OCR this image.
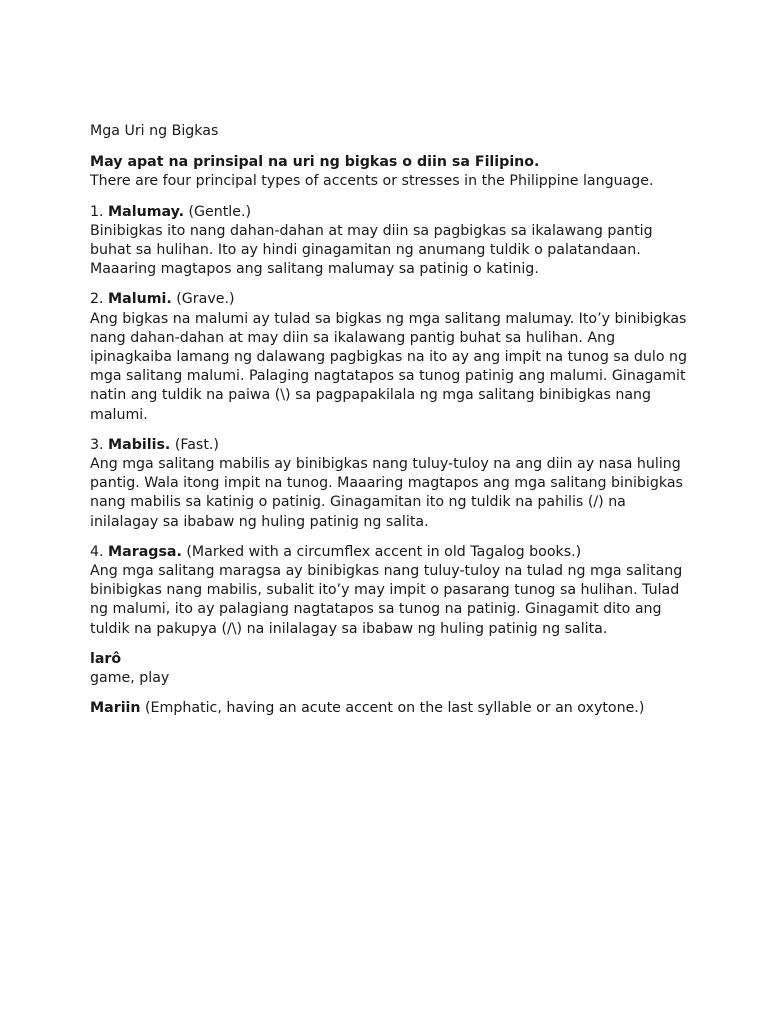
Mga Uri ng Bigkas

May apat na prinsipal na uri ng bigkas o diin sa Filipino.

There are four principal types of accents or stresses in the Philippine language.

1. Malumay. (Gentle.)

Binibigkas ito nang dahan-dahan at may diin sa pagbigkas sa ikalawang pantig buhat sa hulihan. Ito ay hindi ginagamitan ng anumang tuldik o palatandaan. Maaaring magtapos ang salitang malumay sa patinig o katinig.

2. Malumi. (Grave.)

Ang bigkas na malumi ay tulad sa bigkas ng mga salitang malumay. Ito’y binibigkas nang dahan-dahan at may diin sa ikalawang pantig buhat sa hulihan. Ang ipinagkaiba lamang ng dalawang pagbigkas na ito ay ang impit na tunog sa dulo ng mga salitang malumi. Palaging nagtatapos sa tunog patinig ang malumi. Ginagamit natin ang tuldik na paiwa (\) sa pagpapakilala ng mga salitang binibigkas nang malumi.

3. Mabilis. (Fast.)

Ang mga salitang mabilis ay binibigkas nang tuluy-tuloy na ang diin ay nasa huling pantig. Wala itong impit na tunog. Maaaring magtapos ang mga salitang binibigkas nang mabilis sa katinig o patinig. Ginagamitan ito ng tuldik na pahilis (/) na inilalagay sa ibabaw ng huling patinig ng salita.

4. Maragsa. (Marked with a circumflex accent in old Tagalog books.)

Ang mga salitang maragsa ay binibigkas nang tuluy-tuloy na tulad ng mga salitang binibigkas nang mabilis, subalit ito’y may impit o pasarang tunog sa hulihan. Tulad ng malumi, ito ay palagiang nagtatapos sa tunog na patinig. Ginagamit dito ang tuldik na pakupya (/\) na inilalagay sa ibabaw ng huling patinig ng salita.

larô

game, play

Mariin (Emphatic, having an acute accent on the last syllable or an oxytone.)
